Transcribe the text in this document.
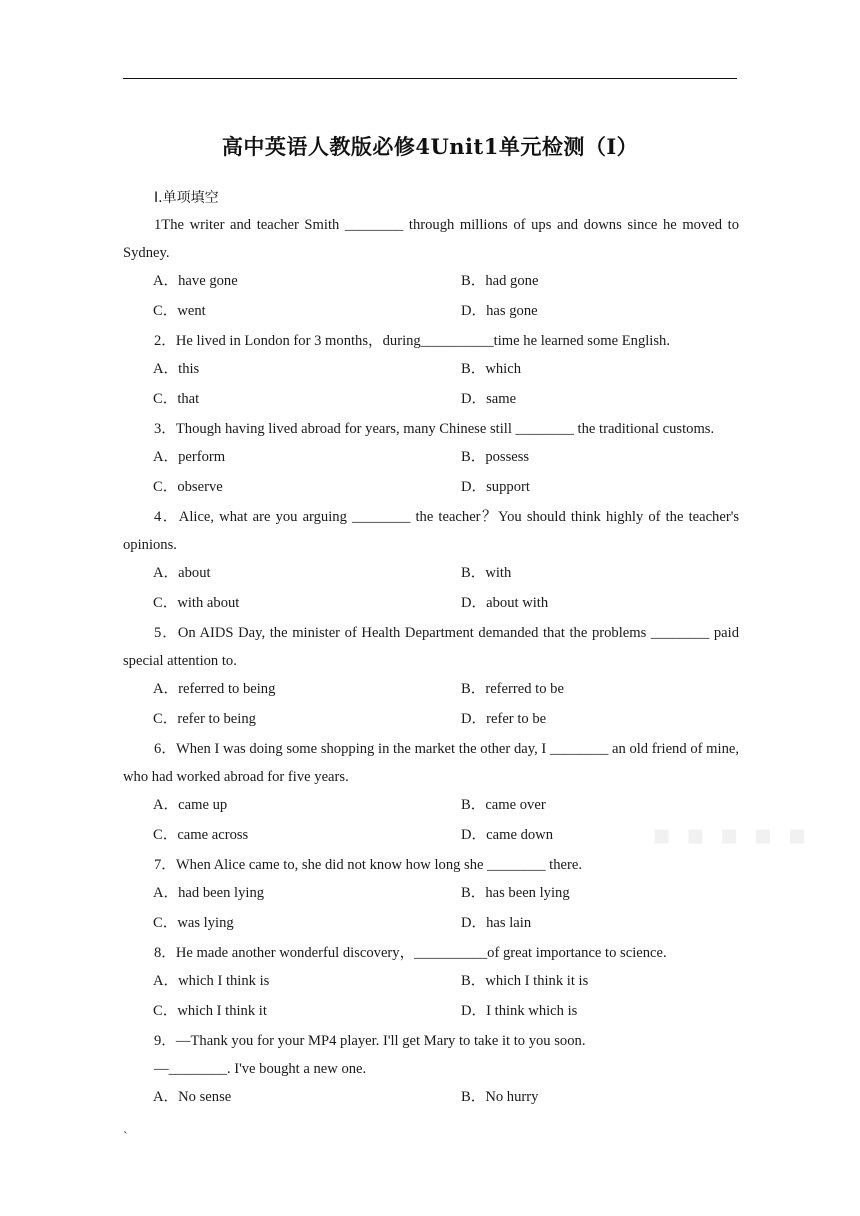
高中英语人教版必修4Unit1单元检测（I）
Ⅰ.单项填空
1The writer and teacher Smith ________ through millions of ups and downs since he moved to Sydney.
A．have gone	B．had gone
C．went	D．has gone
2．He lived in London for 3 months，during__________time he learned some English.
A．this	B．which
C．that	D．same
3．Though having lived abroad for years, many Chinese still ________ the traditional customs.
A．perform	B．possess
C．observe	D．support
4．Alice, what are you arguing ________ the teacher？You should think highly of the teacher's opinions.
A．about	B．with
C．with about	D．about with
5．On AIDS Day, the minister of Health Department demanded that the problems ________ paid special attention to.
A．referred to being	B．referred to be
C．refer to being	D．refer to be
6．When I was doing some shopping in the market the other day, I ________ an old friend of mine, who had worked abroad for five years.
A．came up	B．came over
C．came across	D．came down
7．When Alice came to, she did not know how long she ________ there.
A．had been lying	B．has been lying
C．was lying	D．has lain
8．He made another wonderful discovery，__________of great importance to science.
A．which I think is	B．which I think it is
C．which I think it	D．I think which is
9．—Thank you for your MP4 player. I'll get Mary to take it to you soon.
—________. I've bought a new one.
A．No sense	B．No hurry
▪ ▪ ▪ ▪ ▪
`
